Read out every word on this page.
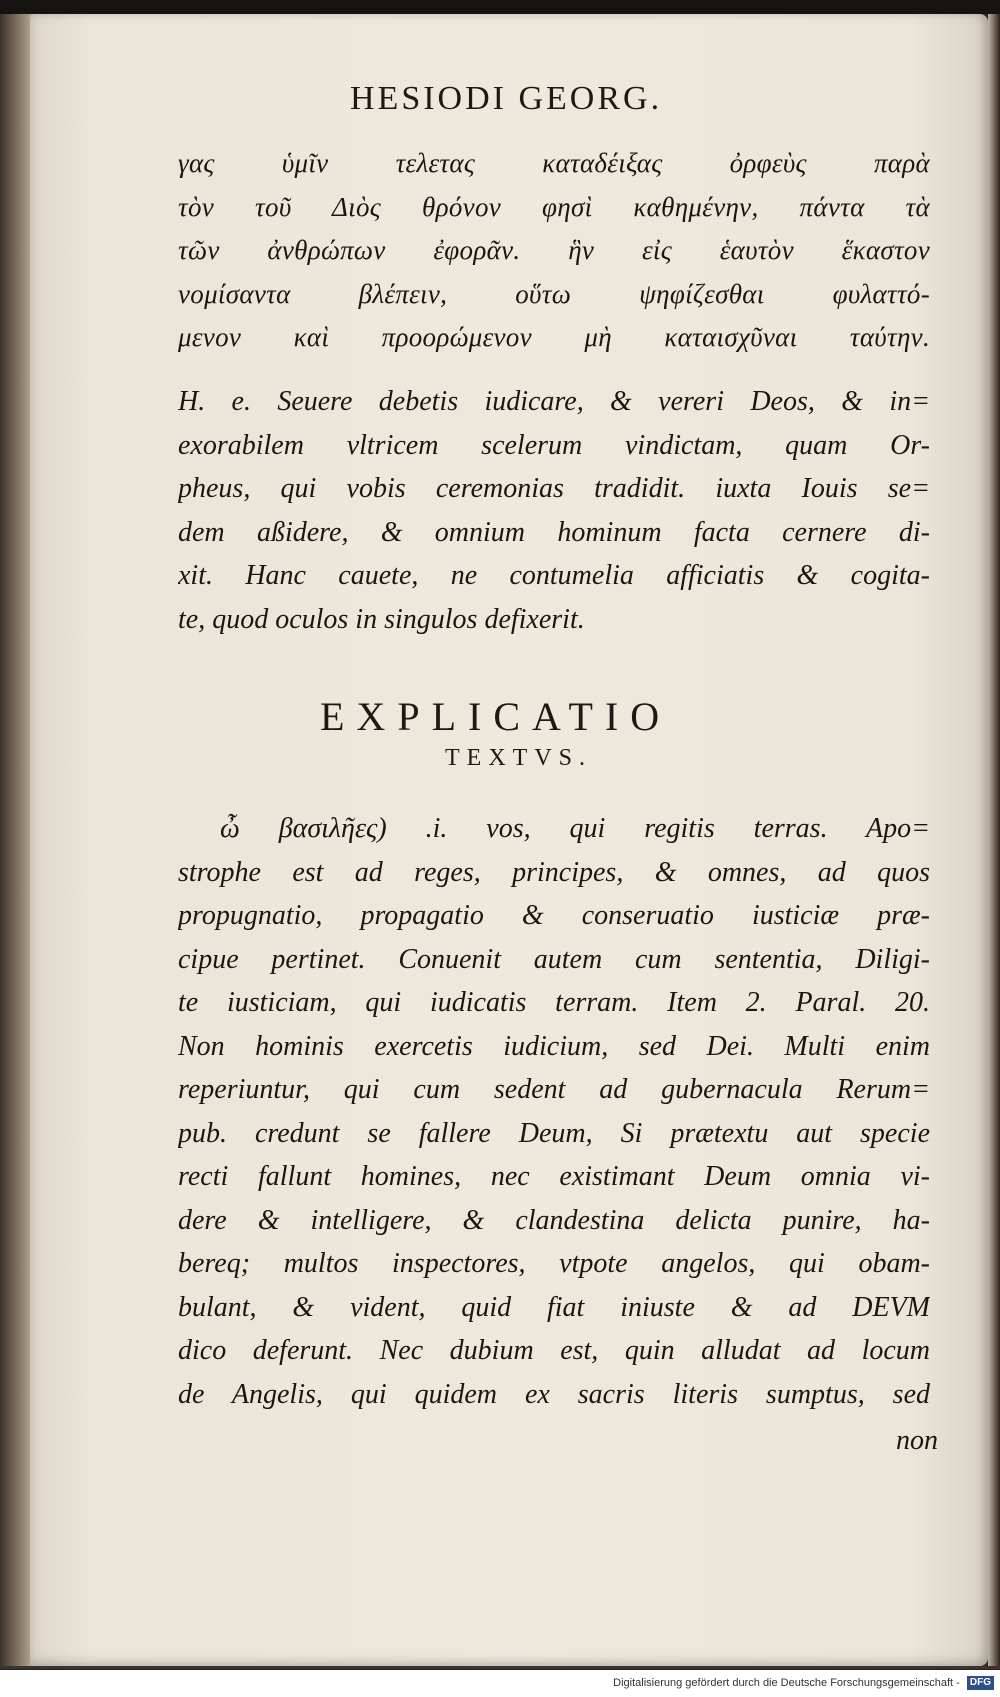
HESIODI GEORG.
γας ὑμῖν τελετας καταδέιξας ὀρφεὺς παρὰ
τὸν τοῦ Διὸς θρόνον φησὶ καθημένην, πάντα τὰ
τῶν ἀνθρώπων ἐφορᾶν. ἣν εἰς ἑαυτὸν ἕκαστον
νομίσαντα βλέπειν, οὕτω ψηφίζεσθαι φυλαττό-
μενον καὶ προορώμενον μὴ καταισχῦναι ταύτην.
H. e. Seuere debetis iudicare, & vereri Deos, & in=
exorabilem vltricem scelerum vindictam, quam Or-
pheus, qui vobis ceremonias tradidit. iuxta Iouis se=
dem aßidere, & omnium hominum facta cernere di-
xit. Hanc cauete, ne contumelia afficiatis & cogita-
te, quod oculos in singulos defixerit.
EXPLICATIO
TEXTVS.
ὦ βασιλῆες) .i. vos, qui regitis terras. Apo=
strophe est ad reges, principes, & omnes, ad quos
propugnatio, propagatio & conseruatio iusticiæ præ-
cipue pertinet. Conuenit autem cum sententia, Diligi-
te iusticiam, qui iudicatis terram. Item 2. Paral. 20.
Non hominis exercetis iudicium, sed Dei. Multi enim
reperiuntur, qui cum sedent ad gubernacula Rerum=
pub. credunt se fallere Deum, Si prætextu aut specie
recti fallunt homines, nec existimant Deum omnia vi-
dere & intelligere, & clandestina delicta punire, ha-
bereq; multos inspectores, vtpote angelos, qui obam-
bulant, & vident, quid fiat iniuste & ad DEVM
dico deferunt. Nec dubium est, quin alludat ad locum
de Angelis, qui quidem ex sacris literis sumptus, sed
non
Digitalisierung gefördert durch die Deutsche Forschungsgemeinschaft - DFG
